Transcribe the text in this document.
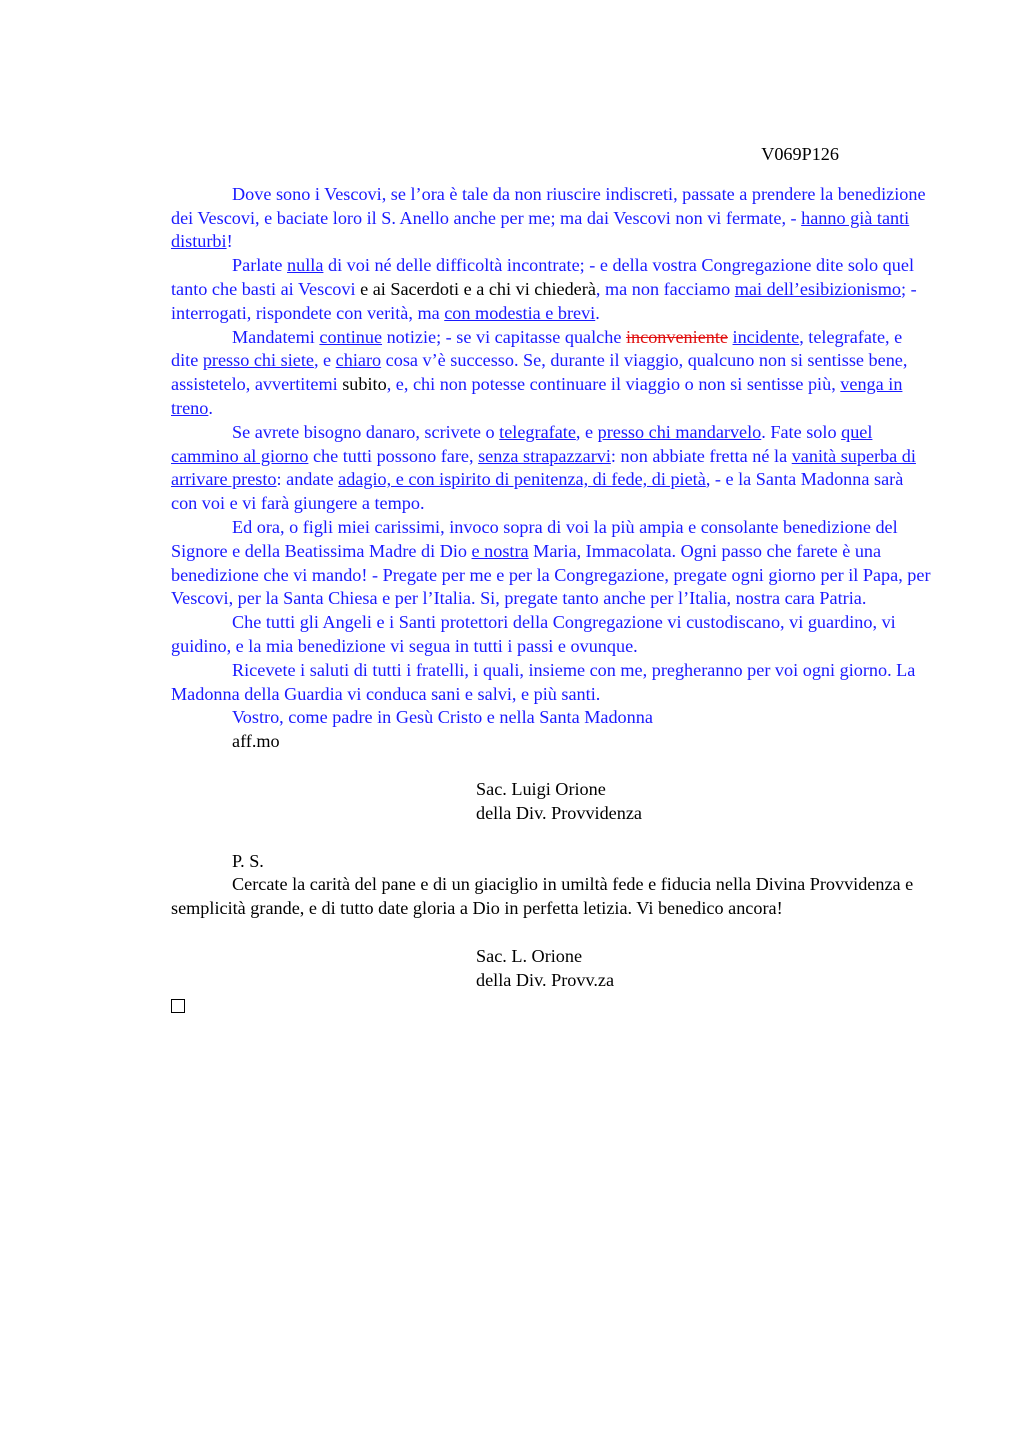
V069P126

Dove sono i Vescovi, se l’ora è tale da non riuscire indiscreti, passate a prendere la benedizione dei Vescovi, e baciate loro il S. Anello anche per me; ma dai Vescovi non vi fermate, - hanno già tanti disturbi!

Parlate nulla di voi né delle difficoltà incontrate; - e della vostra Congregazione dite solo quel tanto che basti ai Vescovi e ai Sacerdoti e a chi vi chiederà, ma non facciamo mai dell’esibizionismo; - interrogati, rispondete con verità, ma con modestia e brevi.

Mandatemi continue notizie; - se vi capitasse qualche inconveniente incidente, telegrafate, e dite presso chi siete, e chiaro cosa v’è successo. Se, durante il viaggio, qualcuno non si sentisse bene, assistetelo, avvertitemi subito, e, chi non potesse continuare il viaggio o non si sentisse più, venga in treno.

Se avrete bisogno danaro, scrivete o telegrafate, e presso chi mandarvelo. Fate solo quel cammino al giorno che tutti possono fare, senza strapazzarvi: non abbiate fretta né la vanità superba di arrivare presto: andate adagio, e con ispirito di penitenza, di fede, di pietà, - e la Santa Madonna sarà con voi e vi farà giungere a tempo.

Ed ora, o figli miei carissimi, invoco sopra di voi la più ampia e consolante benedizione del Signore e della Beatissima Madre di Dio e nostra Maria, Immacolata. Ogni passo che farete è una benedizione che vi mando! - Pregate per me e per la Congregazione, pregate ogni giorno per il Papa, per Vescovi, per la Santa Chiesa e per l’Italia. Si, pregate tanto anche per l’Italia, nostra cara Patria.

Che tutti gli Angeli e i Santi protettori della Congregazione vi custodiscano, vi guardino, vi guidino, e la mia benedizione vi segua in tutti i passi e ovunque.

Ricevete i saluti di tutti i fratelli, i quali, insieme con me, pregheranno per voi ogni giorno. La Madonna della Guardia vi conduca sani e salvi, e più santi.

Vostro, come padre in Gesù Cristo e nella Santa Madonna

aff.mo

Sac. Luigi Orione

della Div. Provvidenza

P. S.

Cercate la carità del pane e di un giaciglio in umiltà fede e fiducia nella Divina Provvidenza e semplicità grande, e di tutto date gloria a Dio in perfetta letizia. Vi benedico ancora!

Sac. L. Orione

della Div. Provv.za
